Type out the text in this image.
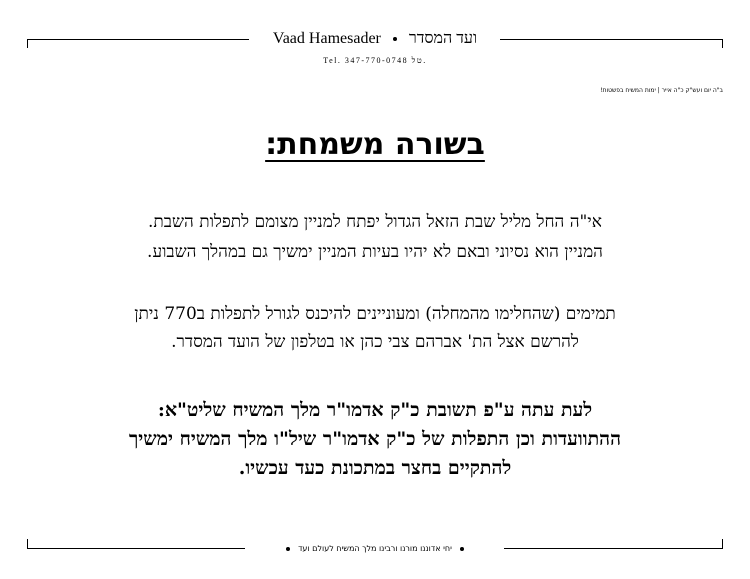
Vaad Hamesader ועד המסדר
Tel. 347-770-0748 טל.
ב"ה יום ועש"ק כ"ה אייר | ימות המשיח בפשטות!
בשורה משמחת:
אי"ה החל מליל שבת הזאל הגדול יפתח למניין מצומם לתפלות השבת.
המניין הוא נסיוני ובאם לא יהיו בעיות המניין ימשיך גם במהלך השבוע.
תמימים (שהחלימו מהמחלה) ומעוניינים להיכנס לגורל לתפלות ב770 ניתן
להרשם אצל הת' אברהם צבי כהן או בטלפון של הועד המסדר.
לעת עתה ע"פ תשובת כ"ק אדמו"ר מלך המשיח שליט"א:
ההתוועדות וכן התפלות של כ"ק אדמו"ר שיל"ו מלך המשיח ימשיך
להתקיים בחצר במתכונת כעד עכשיו.
יחי אדוננו מורנו ורבינו מלך המשיח לעולם ועד
